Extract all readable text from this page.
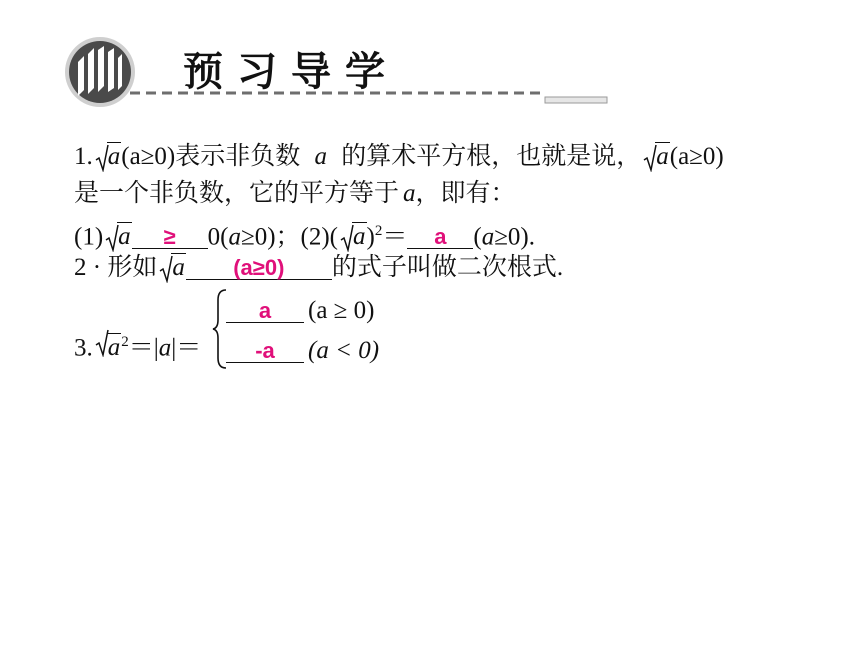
预习导学
1. a(a≥0)表示非负数 a 的算术平方根，也就是说， a(a≥0)
是一个非负数，它的平方等于 a，即有：
(1) a ≥ 0(a≥0)；(2)( a)$^2$＝ a (a≥0).
2 · 形如 a (a≥0) 的式子叫做二次根式.
3. $a^2=|a|=$
a (a ≥ 0)
-a (a < 0)
